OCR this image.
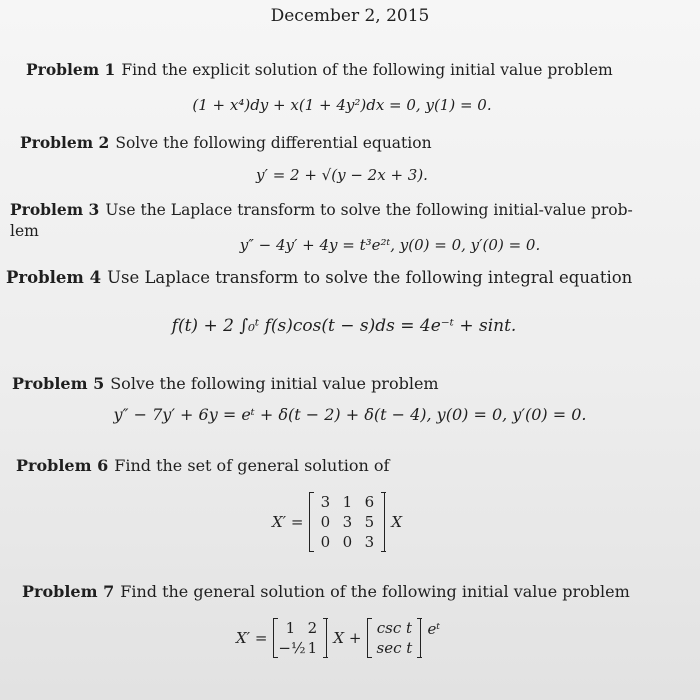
December 2, 2015
Problem 1 Find the explicit solution of the following initial value problem
(1 + x⁴)dy + x(1 + 4y²)dx = 0, y(1) = 0.
Problem 2 Solve the following differential equation
y′ = 2 + √(y − 2x + 3).
Problem 3 Use the Laplace transform to solve the following initial-value prob-
lem
y″ − 4y′ + 4y = t³e²ᵗ, y(0) = 0, y′(0) = 0.
Problem 4 Use Laplace transform to solve the following integral equation
f(t) + 2 ∫₀ᵗ f(s)cos(t − s)ds = 4e⁻ᵗ + sint.
Problem 5 Solve the following initial value problem
y″ − 7y′ + 6y = eᵗ + δ(t − 2) + δ(t − 4), y(0) = 0, y′(0) = 0.
Problem 6 Find the set of general solution of
X′ =
3 1 6
0 3 5
0 0 3
X
Problem 7 Find the general solution of the following initial value problem
X′ =
1 2
−½ 1
X +
csc t
sec t
eᵗ
